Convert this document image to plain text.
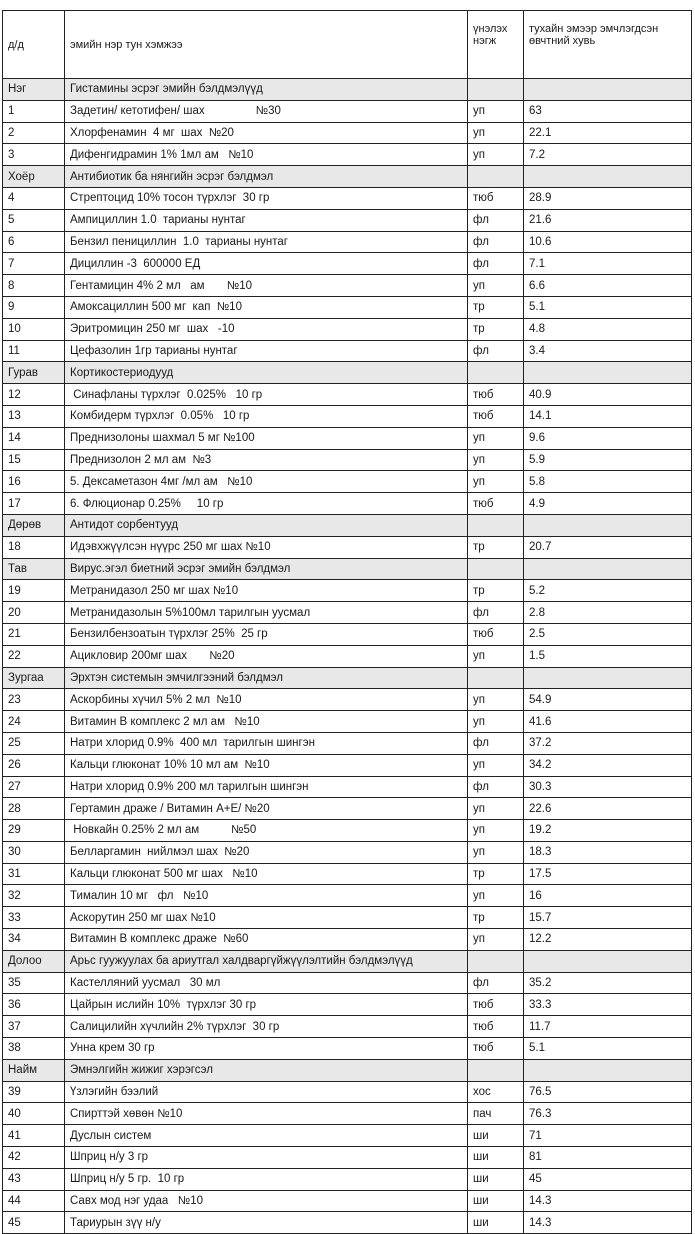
д/д	эмийн нэр тун хэмжээ	үнэлэх нэгж	тухайн эмээр эмчлэгдсэн өвчтний хувь
Нэг	Гистамины эсрэг эмийн бэлдмэлүүд		
1	Задетин/ кетотифен/ шах                №30	уп	63
2	Хлорфенамин  4 мг  шах  №20	уп	22.1
3	Дифенгидрамин 1% 1мл ам   №10	уп	7.2
Хоёр	Антибиотик ба нянгийн эсрэг бэлдмэл		
4	Стрептоцид 10% тосон түрхлэг  30 гр	тюб	28.9
5	Ампициллин 1.0  тарианы нунтаг	фл	21.6
6	Бензил пенициллин  1.0  тарианы нунтаг	фл	10.6
7	Дициллин -3  600000 ЕД	фл	7.1
8	Гентамицин 4% 2 мл   ам       №10	уп	6.6
9	Амоксациллин 500 мг  кап  №10	тр	5.1
10	Эритромицин 250 мг  шах   -10	тр	4.8
11	Цефазолин 1гр тарианы нунтаг	фл	3.4
Гурав	Кортикостериодууд		
12	Синафланы түрхлэг  0.025%   10 гр	тюб	40.9
13	Комбидерм түрхлэг  0.05%   10 гр	тюб	14.1
14	Преднизолоны шахмал 5 мг №100	уп	9.6
15	Преднизолон 2 мл ам  №3	уп	5.9
16	5. Дексаметазон 4мг /мл ам   №10	уп	5.8
17	6. Флюционар 0.25%     10 гр	тюб	4.9
Дөрөв	Антидот сорбентууд		
18	Идэвхжүүлсэн нүүрс 250 мг шах №10	тр	20.7
Тав	Вирус.эгэл биетний эсрэг эмийн бэлдмэл		
19	Метранидазол 250 мг шах №10	тр	5.2
20	Метранидазолын 5%100мл тарилгын уусмал	фл	2.8
21	Бензилбензоатын түрхлэг 25%  25 гр	тюб	2.5
22	Ацикловир 200мг шах       №20	уп	1.5
Зургаа	Эрхтэн системын эмчилгээний бэлдмэл		
23	Аскорбины хүчил 5% 2 мл  №10	уп	54.9
24	Витамин В комплекс 2 мл ам   №10	уп	41.6
25	Натри хлорид 0.9%  400 мл  тарилгын шингэн	фл	37.2
26	Кальци глюконат 10% 10 мл ам  №10	уп	34.2
27	Натри хлорид 0.9% 200 мл тарилгын шингэн	фл	30.3
28	Гертамин драже / Витамин А+Е/ №20	уп	22.6
29	Новкайн 0.25% 2 мл ам          №50	уп	19.2
30	Белларгамин  нийлмэл шах  №20	уп	18.3
31	Кальци глюконат 500 мг шах   №10	тр	17.5
32	Тималин 10 мг   фл   №10	уп	16
33	Аскорутин 250 мг шах №10	тр	15.7
34	Витамин В комплекс драже  №60	уп	12.2
Долоо	Арьс гуужуулах ба ариутгал халдваргүйжүүлэлтийн бэлдмэлүүд		
35	Кастелляний уусмал   30 мл	фл	35.2
36	Цайрын ислийн 10%  түрхлэг 30 гр	тюб	33.3
37	Салицилийн хүчлийн 2% түрхлэг  30 гр	тюб	11.7
38	Унна крем 30 гр	тюб	5.1
Найм	Эмнэлгийн жижиг хэрэгсэл		
39	Үзлэгийн бээлий	хос	76.5
40	Спирттэй хөвөн №10	пач	76.3
41	Дуслын систем	ши	71
42	Шприц н/у 3 гр	ши	81
43	Шприц н/у 5 гр.  10 гр	ши	45
44	Савх мод нэг удаа   №10	ши	14.3
45	Тариурын зүү н/у	ши	14.3
